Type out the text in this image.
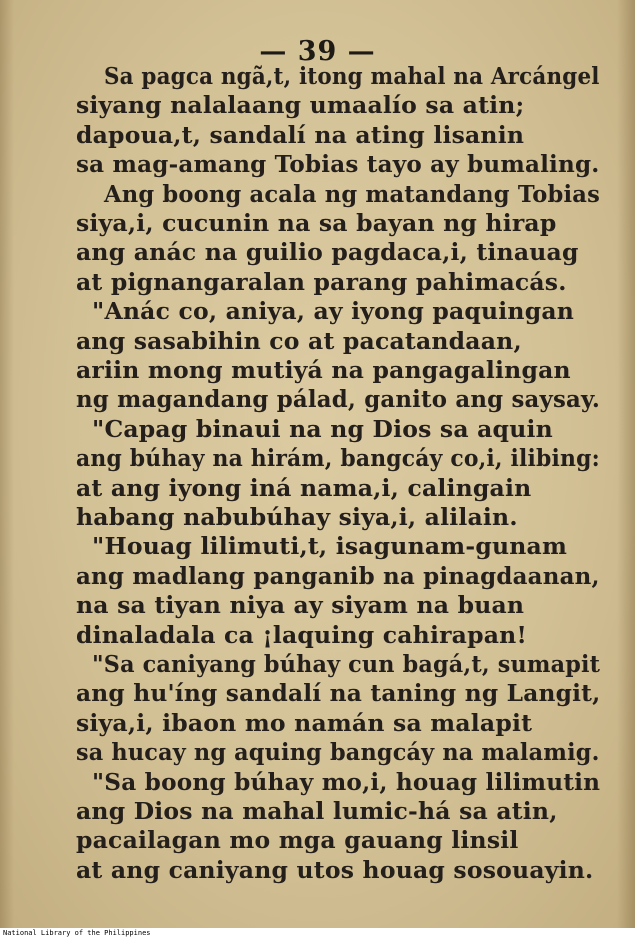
— 39 —
Sa pagca ngã,t, itong mahal na Arcángel
siyang nalalaang umaalío sa atin;
dapoua,t, sandalí na ating lisanin
sa mag-amang Tobias tayo ay bumaling.
Ang boong acala ng matandang Tobias
siya,i, cucunin na sa bayan ng hirap
ang anác na guilio pagdaca,i, tinauag
at pignangaralan parang pahimacás.
"Anác co, aniya, ay iyong paquingan
ang sasabihin co at pacatandaan,
ariin mong mutiyá na pangagalingan
ng magandang pálad, ganito ang saysay.
"Capag binaui na ng Dios sa aquin
ang búhay na hirám, bangcáy co,i, ilibing:
at ang iyong iná nama,i, calingain
habang nabubúhay siya,i, alilain.
"Houag lilimuti,t, isagunam-gunam
ang madlang panganib na pinagdaanan,
na sa tiyan niya ay siyam na buan
dinaladala ca ¡laquing cahirapan!
"Sa caniyang búhay cun bagá,t, sumapit
ang hu'íng sandalí na taning ng Langit,
siya,i, ibaon mo namán sa malapit
sa hucay ng aquing bangcáy na malamig.
"Sa boong búhay mo,i, houag lilimutin
ang Dios na mahal lumic-há sa atin,
pacailagan mo mga gauang linsil
at ang caniyang utos houag sosouayin.
National Library of the Philippines
